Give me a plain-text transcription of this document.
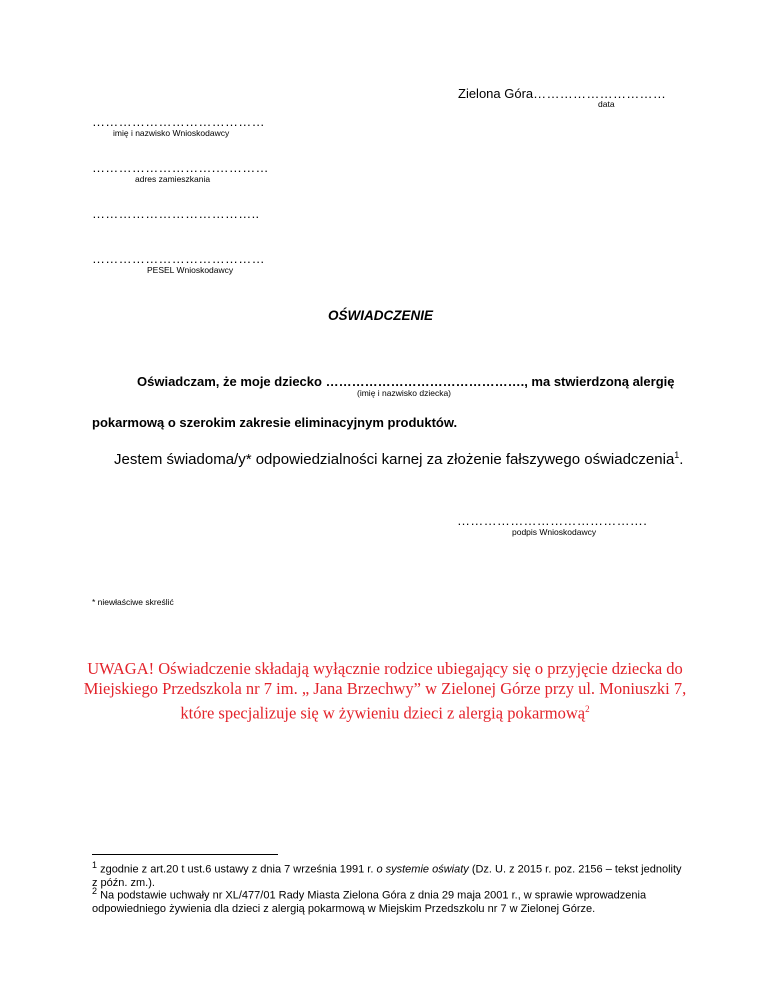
Zielona Góra…………………………
data
…………………………………
imię i nazwisko Wnioskodawcy
……………………….…………
adres zamieszkania
………………………………..
…………………………………
PESEL Wnioskodawcy
OŚWIADCZENIE
Oświadczam, że moje dziecko ………………………………………., ma stwierdzoną alergię
(imię i nazwisko dziecka)
pokarmową o szerokim zakresie eliminacyjnym produktów.
Jestem świadoma/y* odpowiedzialności karnej za złożenie fałszywego oświadczenia$^1$.
…………………………………….
podpis Wnioskodawcy
* niewłaściwe skreślić
UWAGA! Oświadczenie składają wyłącznie rodzice ubiegający się o przyjęcie dziecka do
Miejskiego Przedszkola nr 7 im. „ Jana Brzechwy” w Zielonej Górze przy ul. Moniuszki 7,
które specjalizuje się w żywieniu dzieci z alergią pokarmową$^2$
$^1$ zgodnie z art.20 t ust.6 ustawy z dnia 7 września 1991 r. o systemie oświaty (Dz. U. z 2015 r. poz. 2156 – tekst jednolity z późn. zm.).
$^2$ Na podstawie uchwały nr XL/477/01 Rady Miasta Zielona Góra z dnia 29 maja 2001 r., w sprawie wprowadzenia odpowiedniego żywienia dla dzieci z alergią pokarmową w Miejskim Przedszkolu nr 7 w Zielonej Górze.
